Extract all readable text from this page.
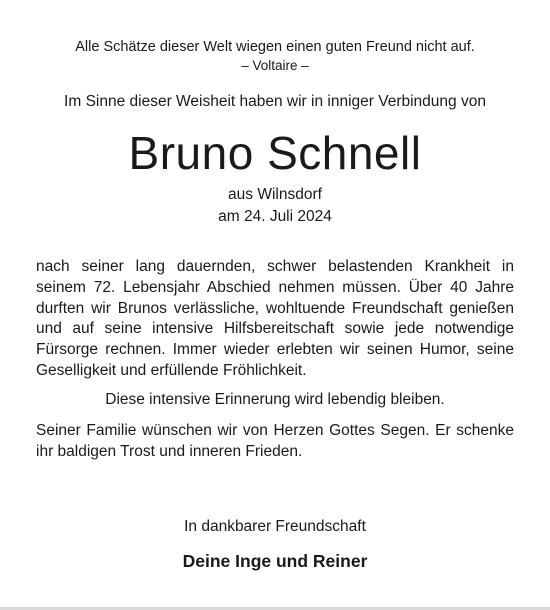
Alle Schätze dieser Welt wiegen einen guten Freund nicht auf.
– Voltaire –
Im Sinne dieser Weisheit haben wir in inniger Verbindung von
Bruno Schnell
aus Wilnsdorf
am 24. Juli 2024

nach seiner lang dauernden, schwer belastenden Krankheit in seinem 72. Lebensjahr Abschied nehmen müssen. Über 40 Jahre durften wir Brunos verlässliche, wohltuende Freundschaft genießen und auf seine intensive Hilfsbereitschaft sowie jede notwendige Fürsorge rechnen. Immer wieder erlebten wir seinen Humor, seine Geselligkeit und erfüllende Fröhlichkeit.

Diese intensive Erinnerung wird lebendig bleiben.
Seiner Familie wünschen wir von Herzen Gottes Segen. Er schenke ihr baldigen Trost und inneren Frieden.
In dankbarer Freundschaft
Deine Inge und Reiner
